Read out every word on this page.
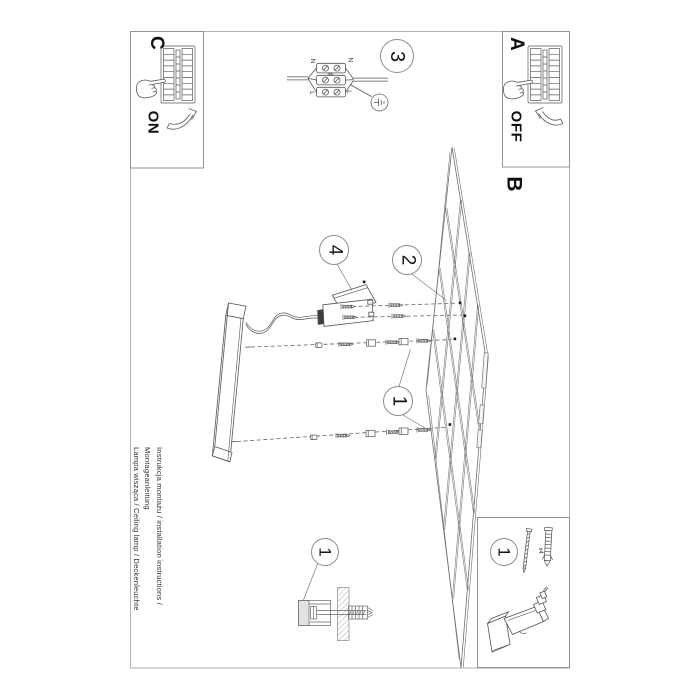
N	N
L	L
x4
C
ON
A
OFF
B
3
4
2
1
1	1
Instrukcja montażu / installation instructions / Montageanleitung
Lampa wisząca / Ceiling lamp / Deckenleuchte
